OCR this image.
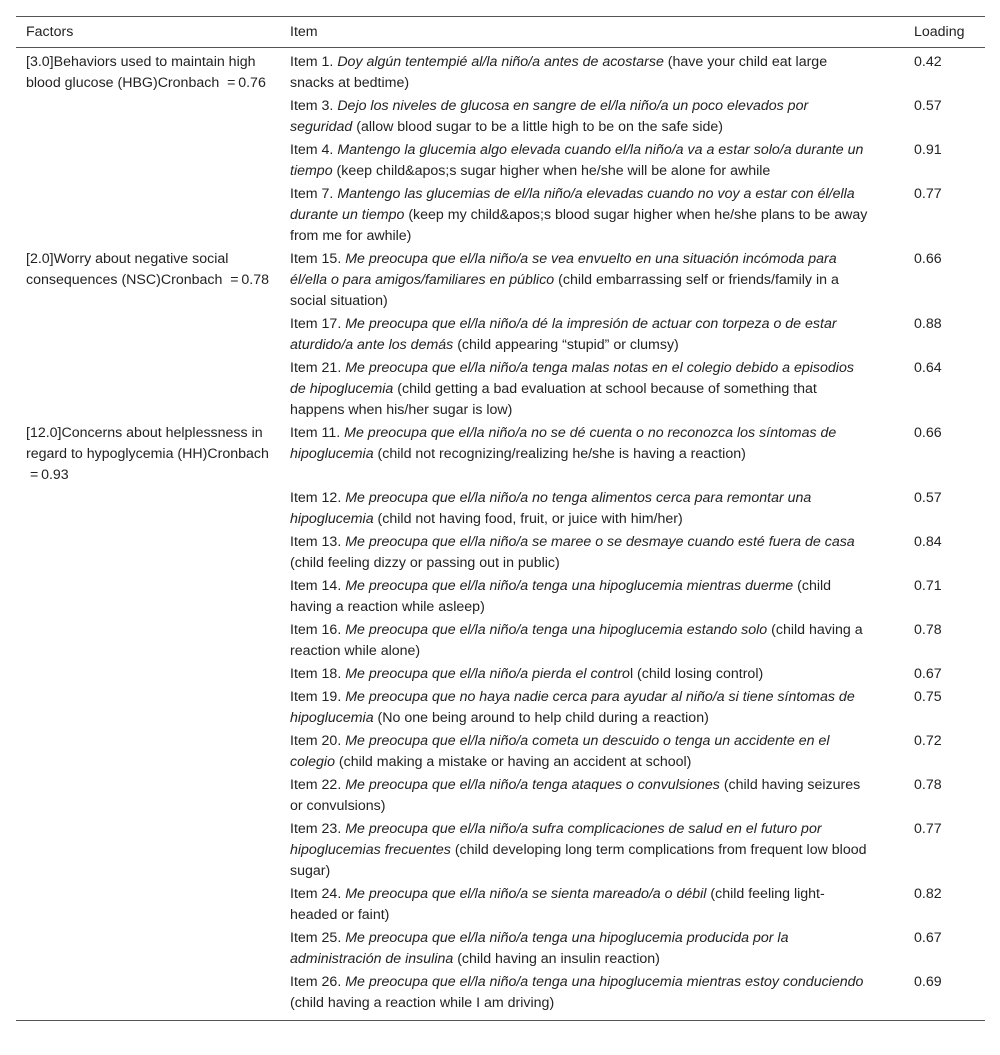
Factors	Item	Loading
[3.0]Behaviors used to maintain high blood glucose (HBG)Cronbach  = 0.76	Item 1. Doy algún tentempié al/la niño/a antes de acostarse (have your child eat large snacks at bedtime)	0.42
	Item 3. Dejo los niveles de glucosa en sangre de el/la niño/a un poco elevados por seguridad (allow blood sugar to be a little high to be on the safe side)	0.57
	Item 4. Mantengo la glucemia algo elevada cuando el/la niño/a va a estar solo/a durante un tiempo (keep child&apos;s sugar higher when he/she will be alone for awhile	0.91
	Item 7. Mantengo las glucemias de el/la niño/a elevadas cuando no voy a estar con él/ella durante un tiempo (keep my child&apos;s blood sugar higher when he/she plans to be away from me for awhile)	0.77
[2.0]Worry about negative social consequences (NSC)Cronbach  = 0.78	Item 15. Me preocupa que el/la niño/a se vea envuelto en una situación incómoda para él/ella o para amigos/familiares en público (child embarrassing self or friends/family in a social situation)	0.66
	Item 17. Me preocupa que el/la niño/a dé la impresión de actuar con torpeza o de estar aturdido/a ante los demás (child appearing “stupid” or clumsy)	0.88
	Item 21. Me preocupa que el/la niño/a tenga malas notas en el colegio debido a episodios de hipoglucemia (child getting a bad evaluation at school because of something that happens when his/her sugar is low)	0.64
[12.0]Concerns about helplessness in regard to hypoglycemia (HH)Cronbach  = 0.93	Item 11. Me preocupa que el/la niño/a no se dé cuenta o no reconozca los síntomas de hipoglucemia (child not recognizing/realizing he/she is having a reaction)	0.66
	Item 12. Me preocupa que el/la niño/a no tenga alimentos cerca para remontar una hipoglucemia (child not having food, fruit, or juice with him/her)	0.57
	Item 13. Me preocupa que el/la niño/a se maree o se desmaye cuando esté fuera de casa (child feeling dizzy or passing out in public)	0.84
	Item 14. Me preocupa que el/la niño/a tenga una hipoglucemia mientras duerme (child having a reaction while asleep)	0.71
	Item 16. Me preocupa que el/la niño/a tenga una hipoglucemia estando solo (child having a reaction while alone)	0.78
	Item 18. Me preocupa que el/la niño/a pierda el control (child losing control)	0.67
	Item 19. Me preocupa que no haya nadie cerca para ayudar al niño/a si tiene síntomas de hipoglucemia (No one being around to help child during a reaction)	0.75
	Item 20. Me preocupa que el/la niño/a cometa un descuido o tenga un accidente en el colegio (child making a mistake or having an accident at school)	0.72
	Item 22. Me preocupa que el/la niño/a tenga ataques o convulsiones (child having seizures or convulsions)	0.78
	Item 23. Me preocupa que el/la niño/a sufra complicaciones de salud en el futuro por hipoglucemias frecuentes (child developing long term complications from frequent low blood sugar)	0.77
	Item 24. Me preocupa que el/la niño/a se sienta mareado/a o débil (child feeling light-headed or faint)	0.82
	Item 25. Me preocupa que el/la niño/a tenga una hipoglucemia producida por la administración de insulina (child having an insulin reaction)	0.67
	Item 26. Me preocupa que el/la niño/a tenga una hipoglucemia mientras estoy conduciendo (child having a reaction while I am driving)	0.69
